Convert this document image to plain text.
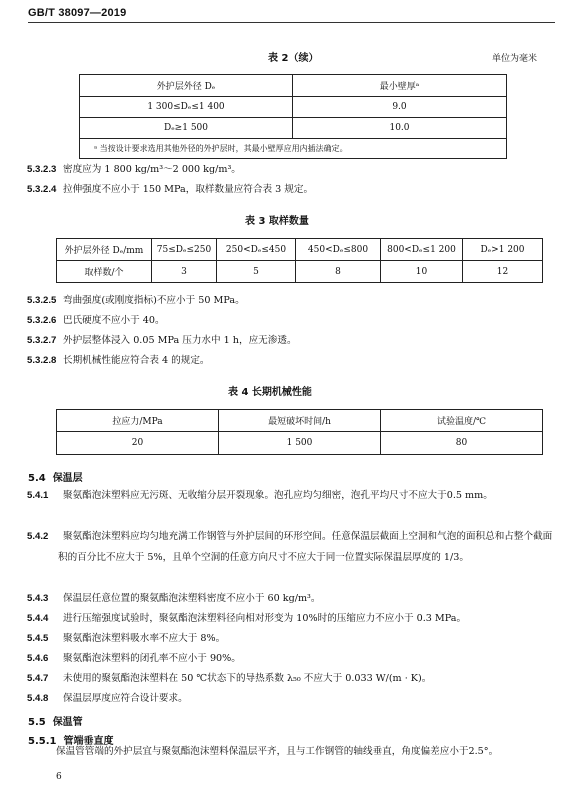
GB/T 38097—2019
表 2（续）	单位为毫米
外护层外径 Dₑ	最小壁厚ᵃ
1 300≤Dₑ≤1 400	9.0
Dₑ≥1 500	10.0
ᵃ 当按设计要求选用其他外径的外护层时，其最小壁厚应用内插法确定。	
5.3.2.3 密度应为 1 800 kg/m³～2 000 kg/m³。
5.3.2.4 拉伸强度不应小于 150 MPa，取样数量应符合表 3 规定。
表 3 取样数量
外护层外径 Dₑ/mm	75≤Dₑ≤250	250<Dₑ≤450	450<Dₑ≤800	800<Dₑ≤1 200	Dₑ>1 200
取样数/个	3	5	8	10	12
5.3.2.5 弯曲强度(或刚度指标)不应小于 50 MPa。
5.3.2.6 巴氏硬度不应小于 40。
5.3.2.7 外护层整体浸入 0.05 MPa 压力水中 1 h，应无渗透。
5.3.2.8 长期机械性能应符合表 4 的规定。
表 4 长期机械性能
拉应力/MPa	最短破坏时间/h	试验温度/℃
20	1 500	80
5.4 保温层
5.4.1 聚氨酯泡沫塑料应无污斑、无收缩分层开裂现象。泡孔应均匀细密，泡孔平均尺寸不应大于0.5 mm。
5.4.2 聚氨酯泡沫塑料应均匀地充满工作钢管与外护层间的环形空间。任意保温层截面上空洞和气泡的面积总和占整个截面积的百分比不应大于 5%，且单个空洞的任意方向尺寸不应大于同一位置实际保温层厚度的 1/3。
5.4.3 保温层任意位置的聚氨酯泡沫塑料密度不应小于 60 kg/m³。
5.4.4 进行压缩强度试验时，聚氨酯泡沫塑料径向相对形变为 10%时的压缩应力不应小于 0.3 MPa。
5.4.5 聚氨酯泡沫塑料吸水率不应大于 8%。
5.4.6 聚氨酯泡沫塑料的闭孔率不应小于 90%。
5.4.7 未使用的聚氨酯泡沫塑料在 50 ℃状态下的导热系数 λ₅₀ 不应大于 0.033 W/(m · K)。
5.4.8 保温层厚度应符合设计要求。
5.5 保温管
5.5.1 管端垂直度
保温管管端的外护层宜与聚氨酯泡沫塑料保温层平齐，且与工作钢管的轴线垂直，角度偏差应小于2.5°。
6
